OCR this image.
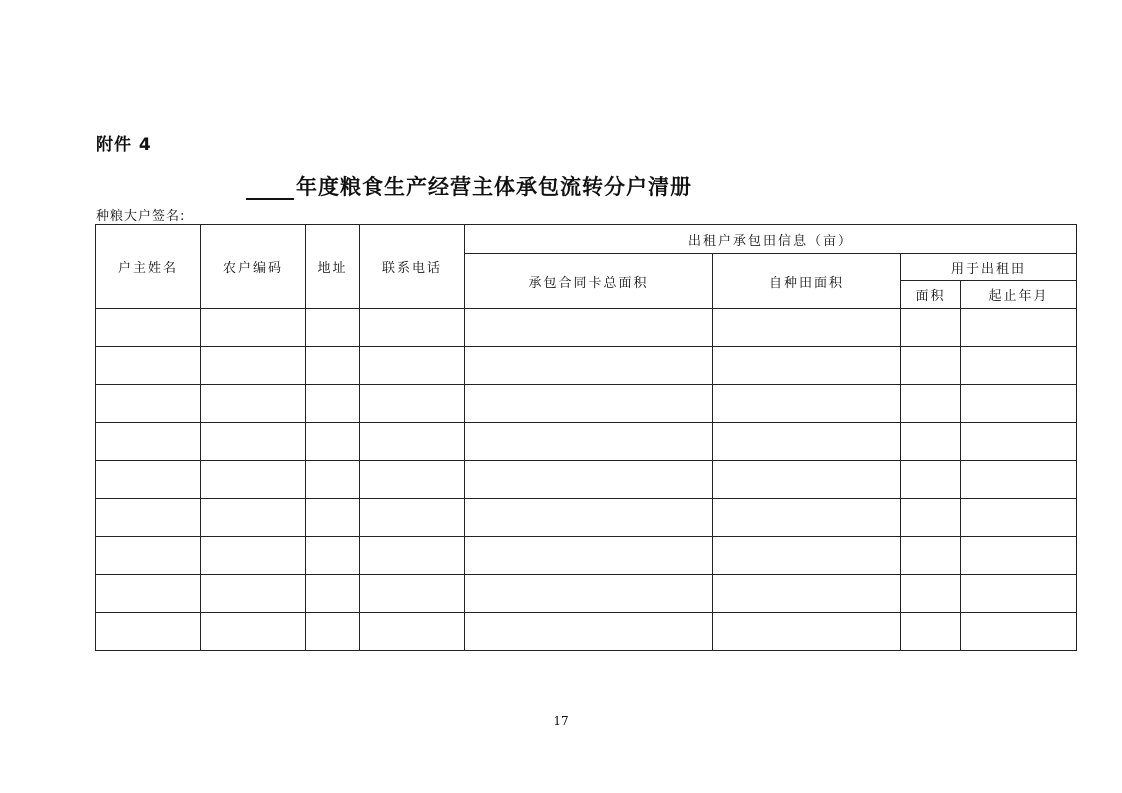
附件 4
年度粮食生产经营主体承包流转分户清册
种粮大户签名:
户主姓名	农户编码	地址	联系电话	出租户承包田信息（亩）			
				承包合同卡总面积	自种田面积	用于出租田	
						面积	起止年月

17
